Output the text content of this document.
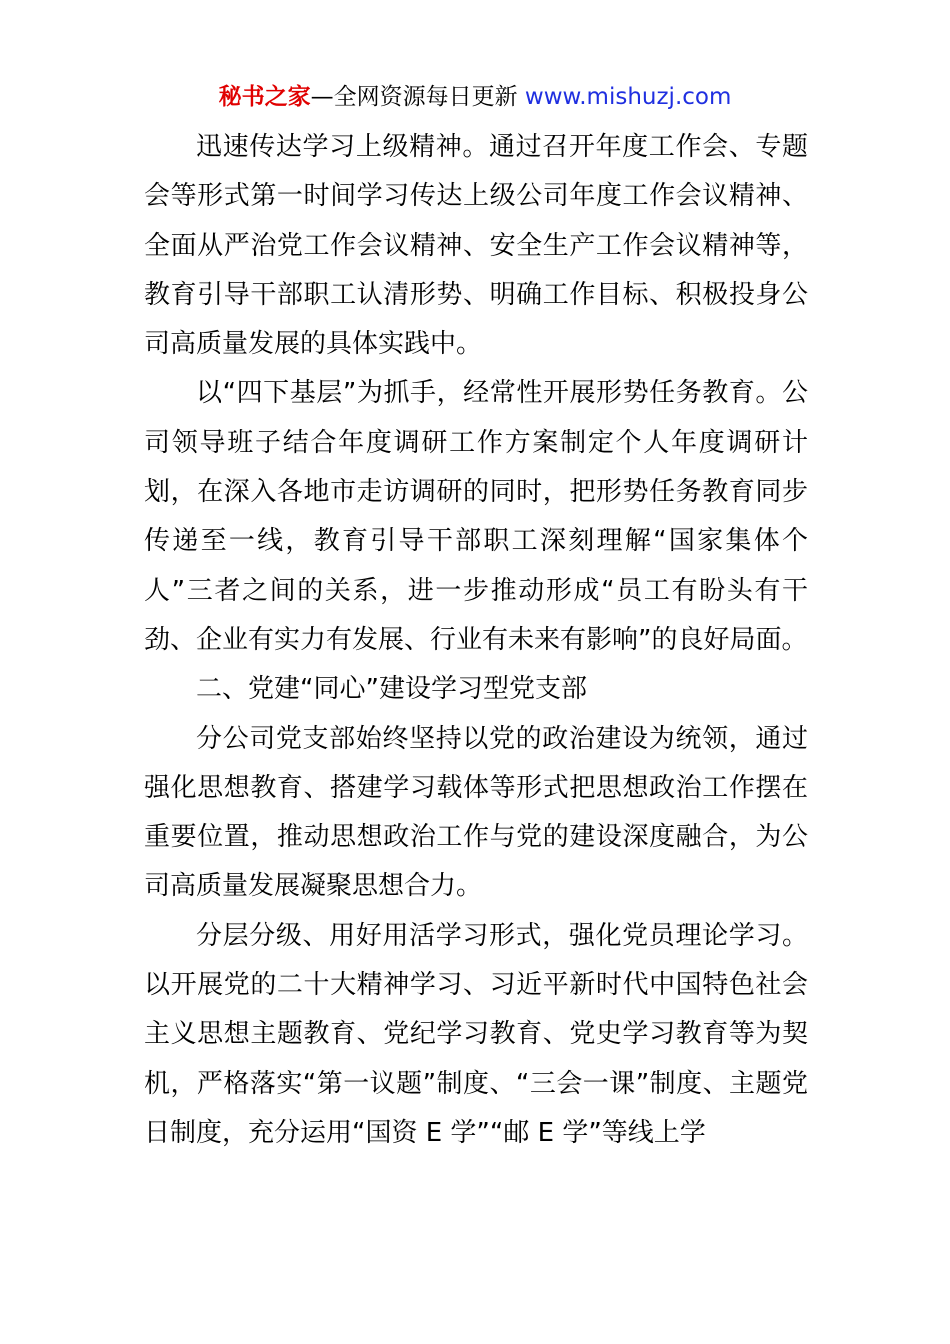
秘书之家—全网资源每日更新 www.mishuzj.com

迅速传达学习上级精神。通过召开年度工作会、专题会等形式第一时间学习传达上级公司年度工作会议精神、全面从严治党工作会议精神、安全生产工作会议精神等，教育引导干部职工认清形势、明确工作目标、积极投身公司高质量发展的具体实践中。

以“四下基层”为抓手，经常性开展形势任务教育。公司领导班子结合年度调研工作方案制定个人年度调研计划，在深入各地市走访调研的同时，把形势任务教育同步传递至一线，教育引导干部职工深刻理解“国家集体个人”三者之间的关系，进一步推动形成“员工有盼头有干劲、企业有实力有发展、行业有未来有影响”的良好局面。

二、党建“同心”建设学习型党支部

分公司党支部始终坚持以党的政治建设为统领，通过强化思想教育、搭建学习载体等形式把思想政治工作摆在重要位置，推动思想政治工作与党的建设深度融合，为公司高质量发展凝聚思想合力。

分层分级、用好用活学习形式，强化党员理论学习。以开展党的二十大精神学习、习近平新时代中国特色社会主义思想主题教育、党纪学习教育、党史学习教育等为契机，严格落实“第一议题”制度、“三会一课”制度、主题党日制度，充分运用“国资 E 学”“邮 E 学”等线上学
